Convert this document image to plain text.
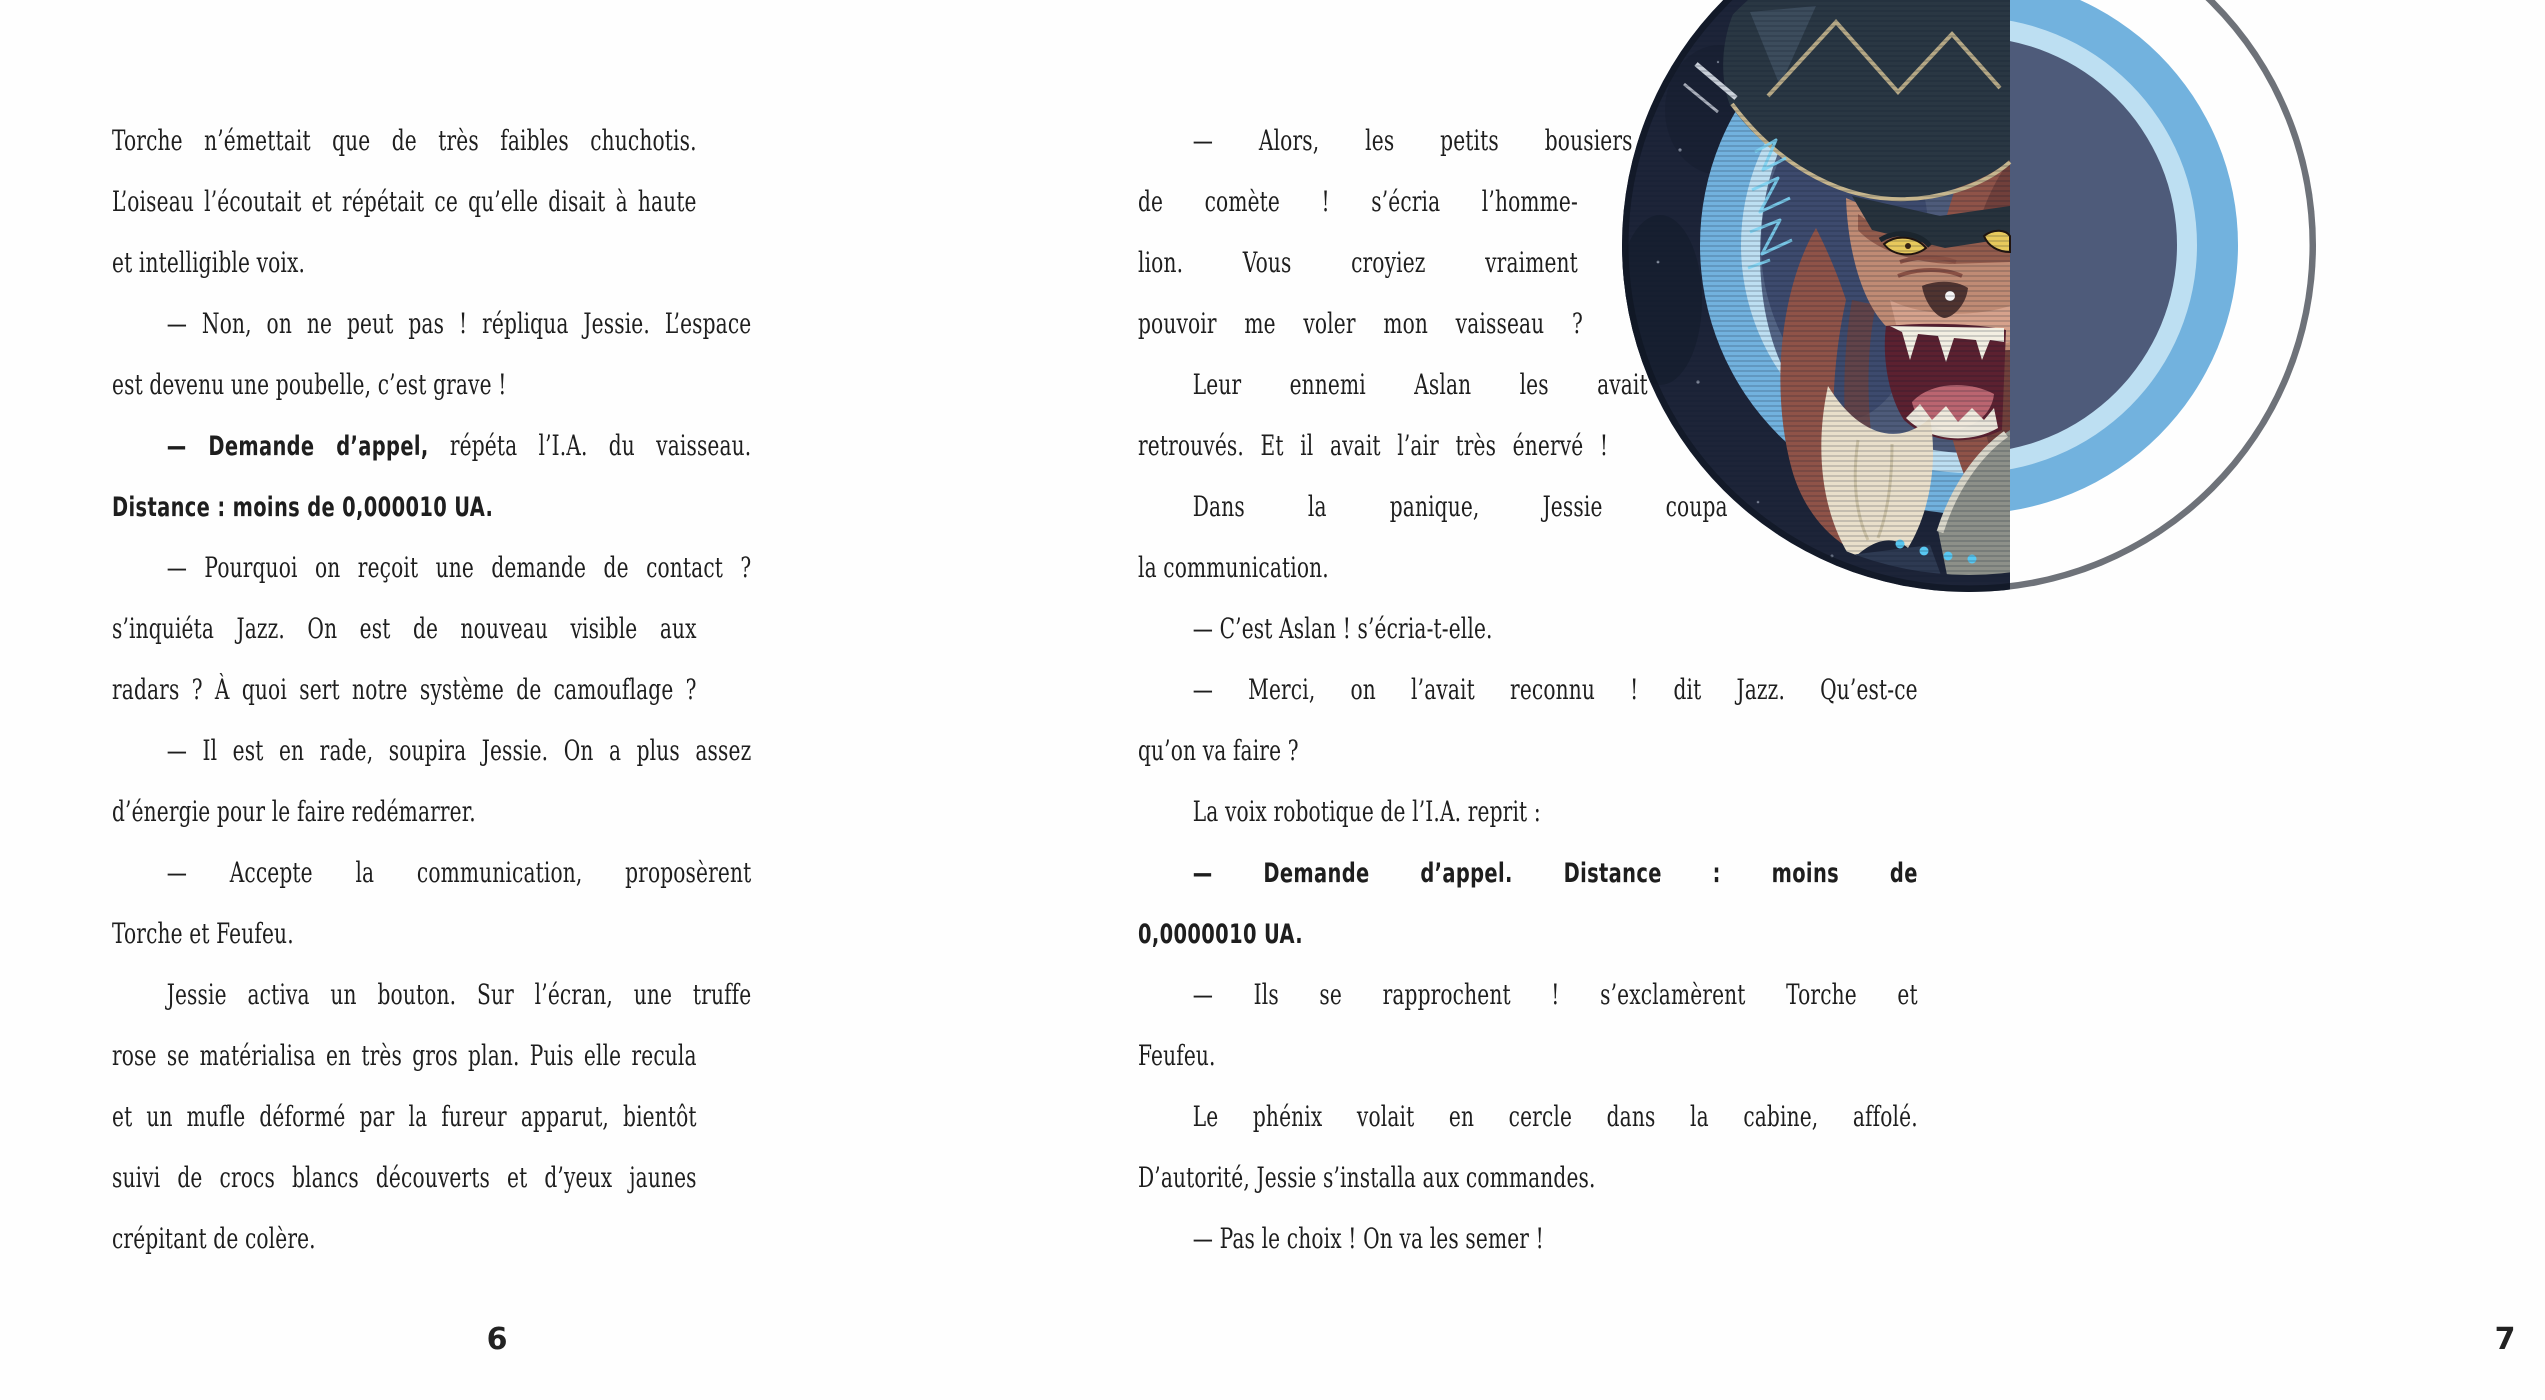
6
Torche n’émettait que de très faibles chuchotis.
L’oiseau l’écoutait et répétait ce qu’elle disait à haute
et intelligible voix.
— Non, on ne peut pas ! répliqua Jessie. L’espace
est devenu une poubelle, c’est grave !
— Demande d’appel, répéta l’I.A. du vaisseau.
Distance : moins de 0,000010 UA.
— Pourquoi on reçoit une demande de contact ?
s’inquiéta Jazz. On est de nouveau visible aux
radars ? À quoi sert notre système de camouflage ?
— Il est en rade, soupira Jessie. On a plus assez
d’énergie pour le faire redémarrer.
— Accepte la communication, proposèrent
Torche et Feufeu.
Jessie activa un bouton. Sur l’écran, une truffe
rose se matérialisa en très gros plan. Puis elle recula
et un mufle déformé par la fureur apparut, bientôt
suivi de crocs blancs découverts et d’yeux jaunes
crépitant de colère.
7
— Alors, les petits bousiers
de comète ! s’écria l’homme-
lion. Vous croyiez vraiment
pouvoir me voler mon vaisseau ?
Leur ennemi Aslan les avait
retrouvés. Et il avait l’air très énervé !
Dans la panique, Jessie coupa
la communication.
— C’est Aslan ! s’écria-t-elle.
— Merci, on l’avait reconnu ! dit Jazz. Qu’est-ce
qu’on va faire ?
La voix robotique de l’I.A. reprit :
— Demande d’appel. Distance : moins de
0,0000010 UA.
— Ils se rapprochent ! s’exclamèrent Torche et
Feufeu.
Le phénix volait en cercle dans la cabine, affolé.
D’autorité, Jessie s’installa aux commandes.
— Pas le choix ! On va les semer !
